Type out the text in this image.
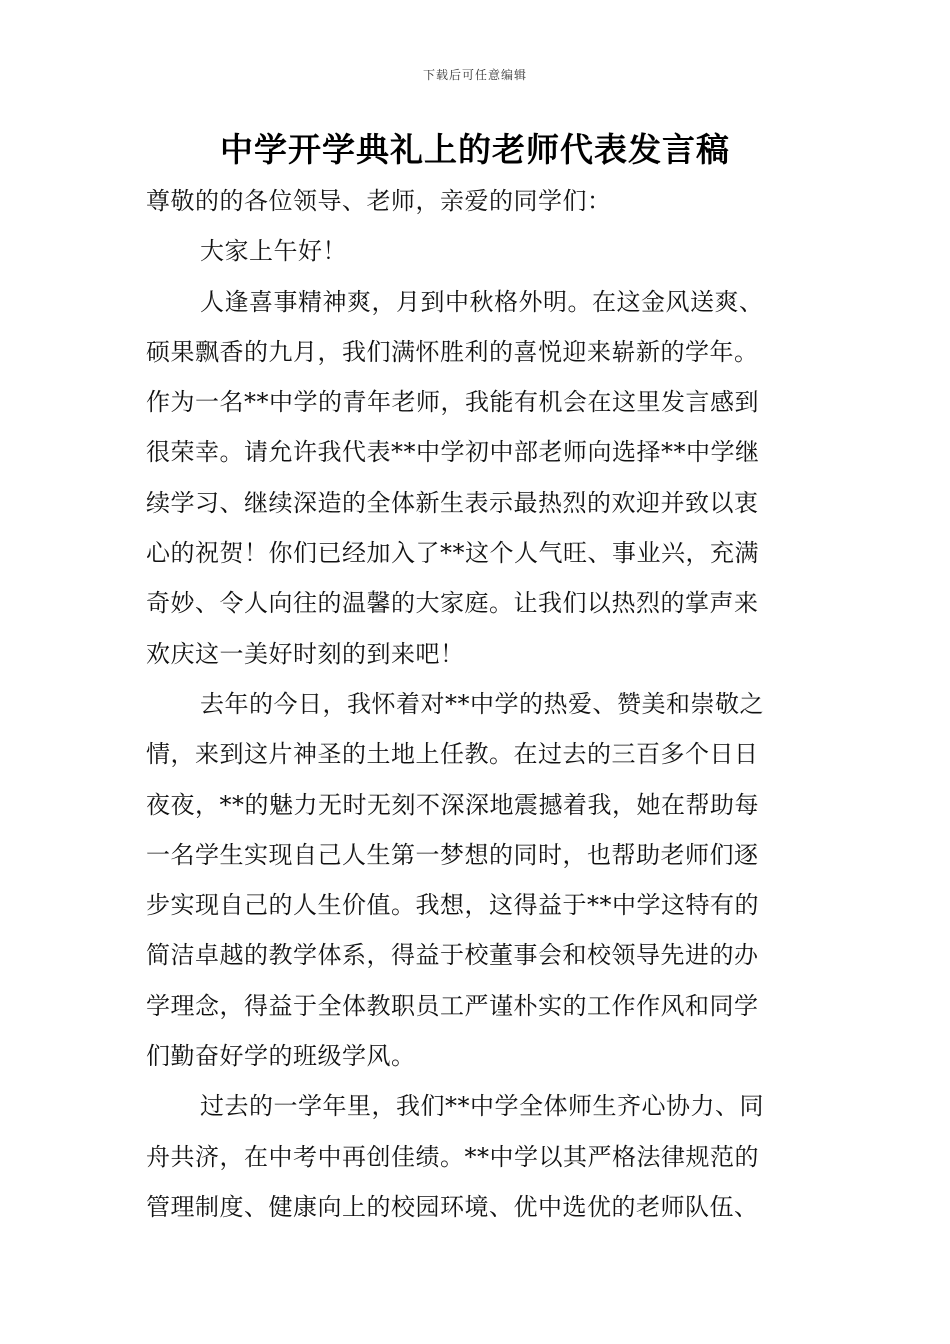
下载后可任意编辑
中学开学典礼上的老师代表发言稿
尊敬的的各位领导、老师，亲爱的同学们：
大家上午好！
人逢喜事精神爽，月到中秋格外明。在这金风送爽、
硕果飘香的九月，我们满怀胜利的喜悦迎来崭新的学年。
作为一名**中学的青年老师，我能有机会在这里发言感到
很荣幸。请允许我代表**中学初中部老师向选择**中学继
续学习、继续深造的全体新生表示最热烈的欢迎并致以衷
心的祝贺！你们已经加入了**这个人气旺、事业兴，充满
奇妙、令人向往的温馨的大家庭。让我们以热烈的掌声来
欢庆这一美好时刻的到来吧！
去年的今日，我怀着对**中学的热爱、赞美和崇敬之
情，来到这片神圣的土地上任教。在过去的三百多个日日
夜夜，**的魅力无时无刻不深深地震撼着我，她在帮助每
一名学生实现自己人生第一梦想的同时，也帮助老师们逐
步实现自己的人生价值。我想，这得益于**中学这特有的
简洁卓越的教学体系，得益于校董事会和校领导先进的办
学理念，得益于全体教职员工严谨朴实的工作作风和同学
们勤奋好学的班级学风。
过去的一学年里，我们**中学全体师生齐心协力、同
舟共济，在中考中再创佳绩。**中学以其严格法律规范的
管理制度、健康向上的校园环境、优中选优的老师队伍、
